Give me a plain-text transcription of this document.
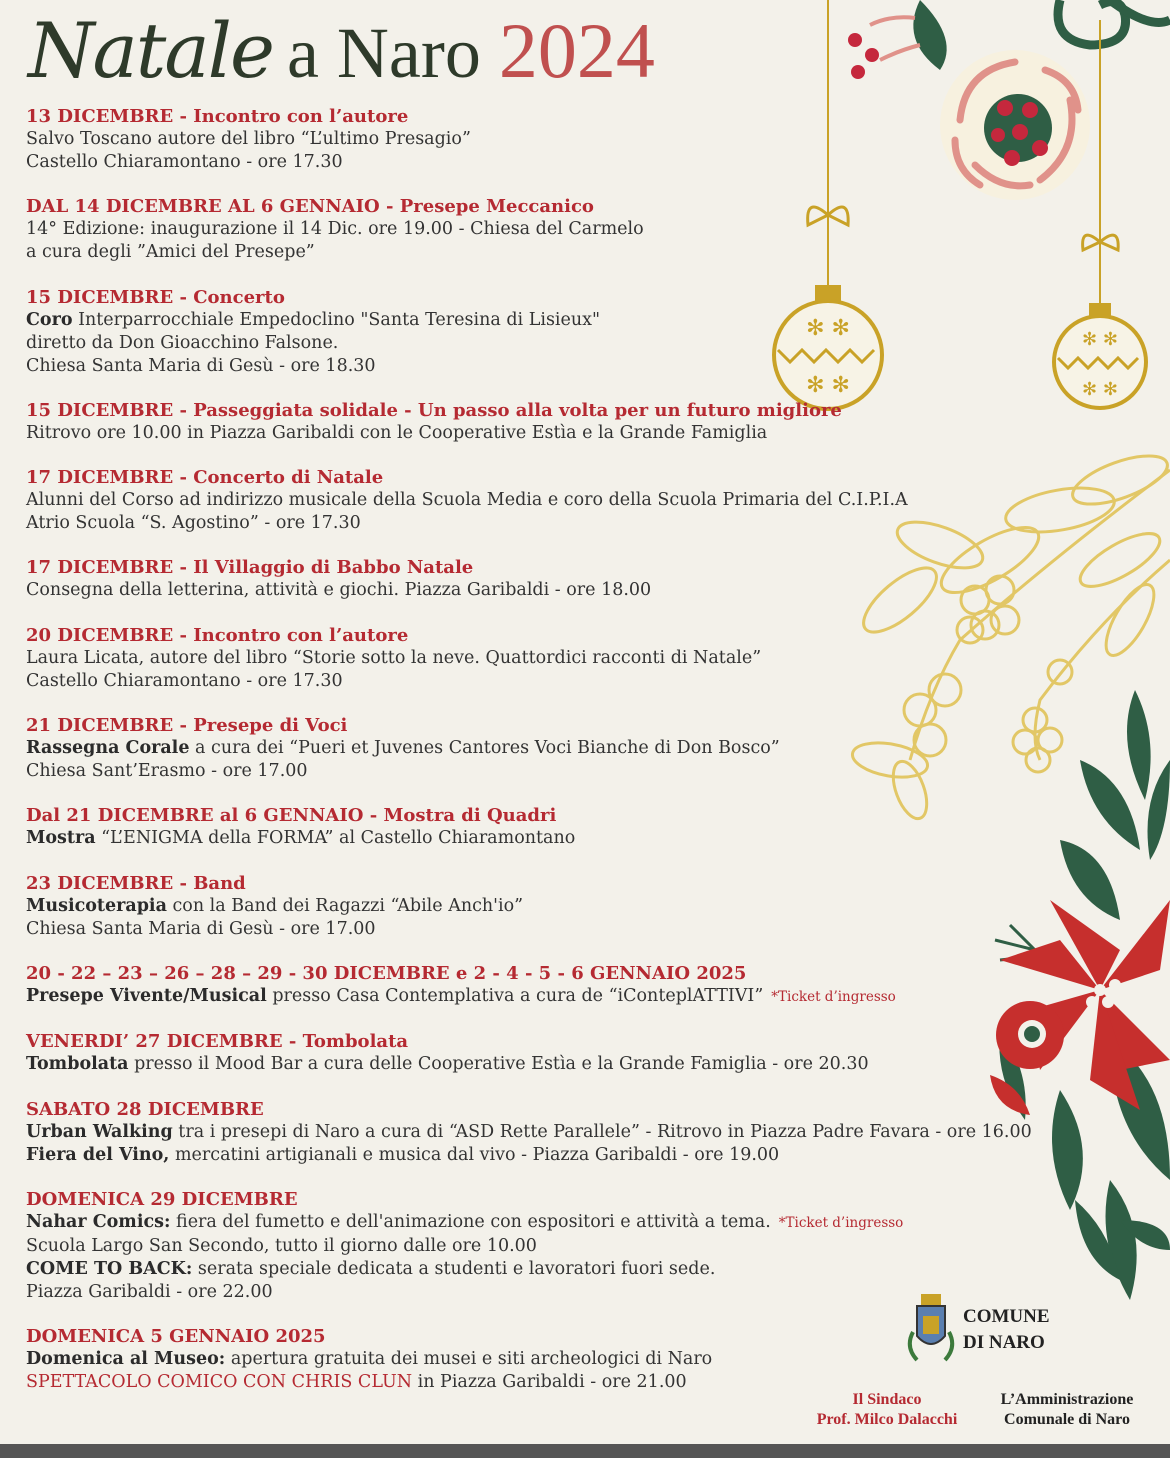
✻ ✻
✻ ✻
✻ ✻
✻ ✻
Natale a Naro 2024
13 DICEMBRE - Incontro con l’autore
Salvo Toscano autore del libro “L’ultimo Presagio”
Castello Chiaramontano - ore 17.30
DAL 14 DICEMBRE AL 6 GENNAIO - Presepe Meccanico
14° Edizione: inaugurazione il 14 Dic. ore 19.00 - Chiesa del Carmelo
a cura degli ”Amici del Presepe”
15 DICEMBRE - Concerto
Coro Interparrocchiale Empedoclino "Santa Teresina di Lisieux"
diretto da Don Gioacchino Falsone.
Chiesa Santa Maria di Gesù - ore 18.30
15 DICEMBRE - Passeggiata solidale - Un passo alla volta per un futuro migliore
Ritrovo ore 10.00 in Piazza Garibaldi con le Cooperative Estìa e la Grande Famiglia
17 DICEMBRE - Concerto di Natale
Alunni del Corso ad indirizzo musicale della Scuola Media e coro della Scuola Primaria del C.I.P.I.A
Atrio Scuola “S. Agostino” - ore 17.30
17 DICEMBRE - Il Villaggio di Babbo Natale
Consegna della letterina, attività e giochi. Piazza Garibaldi - ore 18.00
20 DICEMBRE - Incontro con l’autore
Laura Licata, autore del libro “Storie sotto la neve. Quattordici racconti di Natale”
Castello Chiaramontano - ore 17.30
21 DICEMBRE - Presepe di Voci
Rassegna Corale a cura dei “Pueri et Juvenes Cantores Voci Bianche di Don Bosco”
Chiesa Sant’Erasmo - ore 17.00
Dal 21 DICEMBRE al 6 GENNAIO - Mostra di Quadri
Mostra “L’ENIGMA della FORMA” al Castello Chiaramontano
23 DICEMBRE - Band
Musicoterapia con la Band dei Ragazzi “Abile Anch'io”
Chiesa Santa Maria di Gesù - ore 17.00
20 - 22 – 23 – 26 – 28 – 29 - 30 DICEMBRE e 2 - 4 - 5 - 6 GENNAIO 2025
Presepe Vivente/Musical presso Casa Contemplativa a cura de “iConteplATTIVI” *Ticket d’ingresso
VENERDI’ 27 DICEMBRE - Tombolata
Tombolata presso il Mood Bar a cura delle Cooperative Estìa e la Grande Famiglia - ore 20.30
SABATO 28 DICEMBRE
Urban Walking tra i presepi di Naro a cura di “ASD Rette Parallele” - Ritrovo in Piazza Padre Favara - ore 16.00
Fiera del Vino, mercatini artigianali e musica dal vivo - Piazza Garibaldi - ore 19.00
DOMENICA 29 DICEMBRE
Nahar Comics: fiera del fumetto e dell'animazione con espositori e attività a tema. *Ticket d’ingresso
Scuola Largo San Secondo, tutto il giorno dalle ore 10.00
COME TO BACK: serata speciale dedicata a studenti e lavoratori fuori sede.
Piazza Garibaldi - ore 22.00
DOMENICA 5 GENNAIO 2025
Domenica al Museo: apertura gratuita dei musei e siti archeologici di Naro
SPETTACOLO COMICO CON CHRIS CLUN in Piazza Garibaldi - ore 21.00
COMUNE
DI NARO
Il Sindaco
Prof. Milco Dalacchi
L’Amministrazione
Comunale di Naro
